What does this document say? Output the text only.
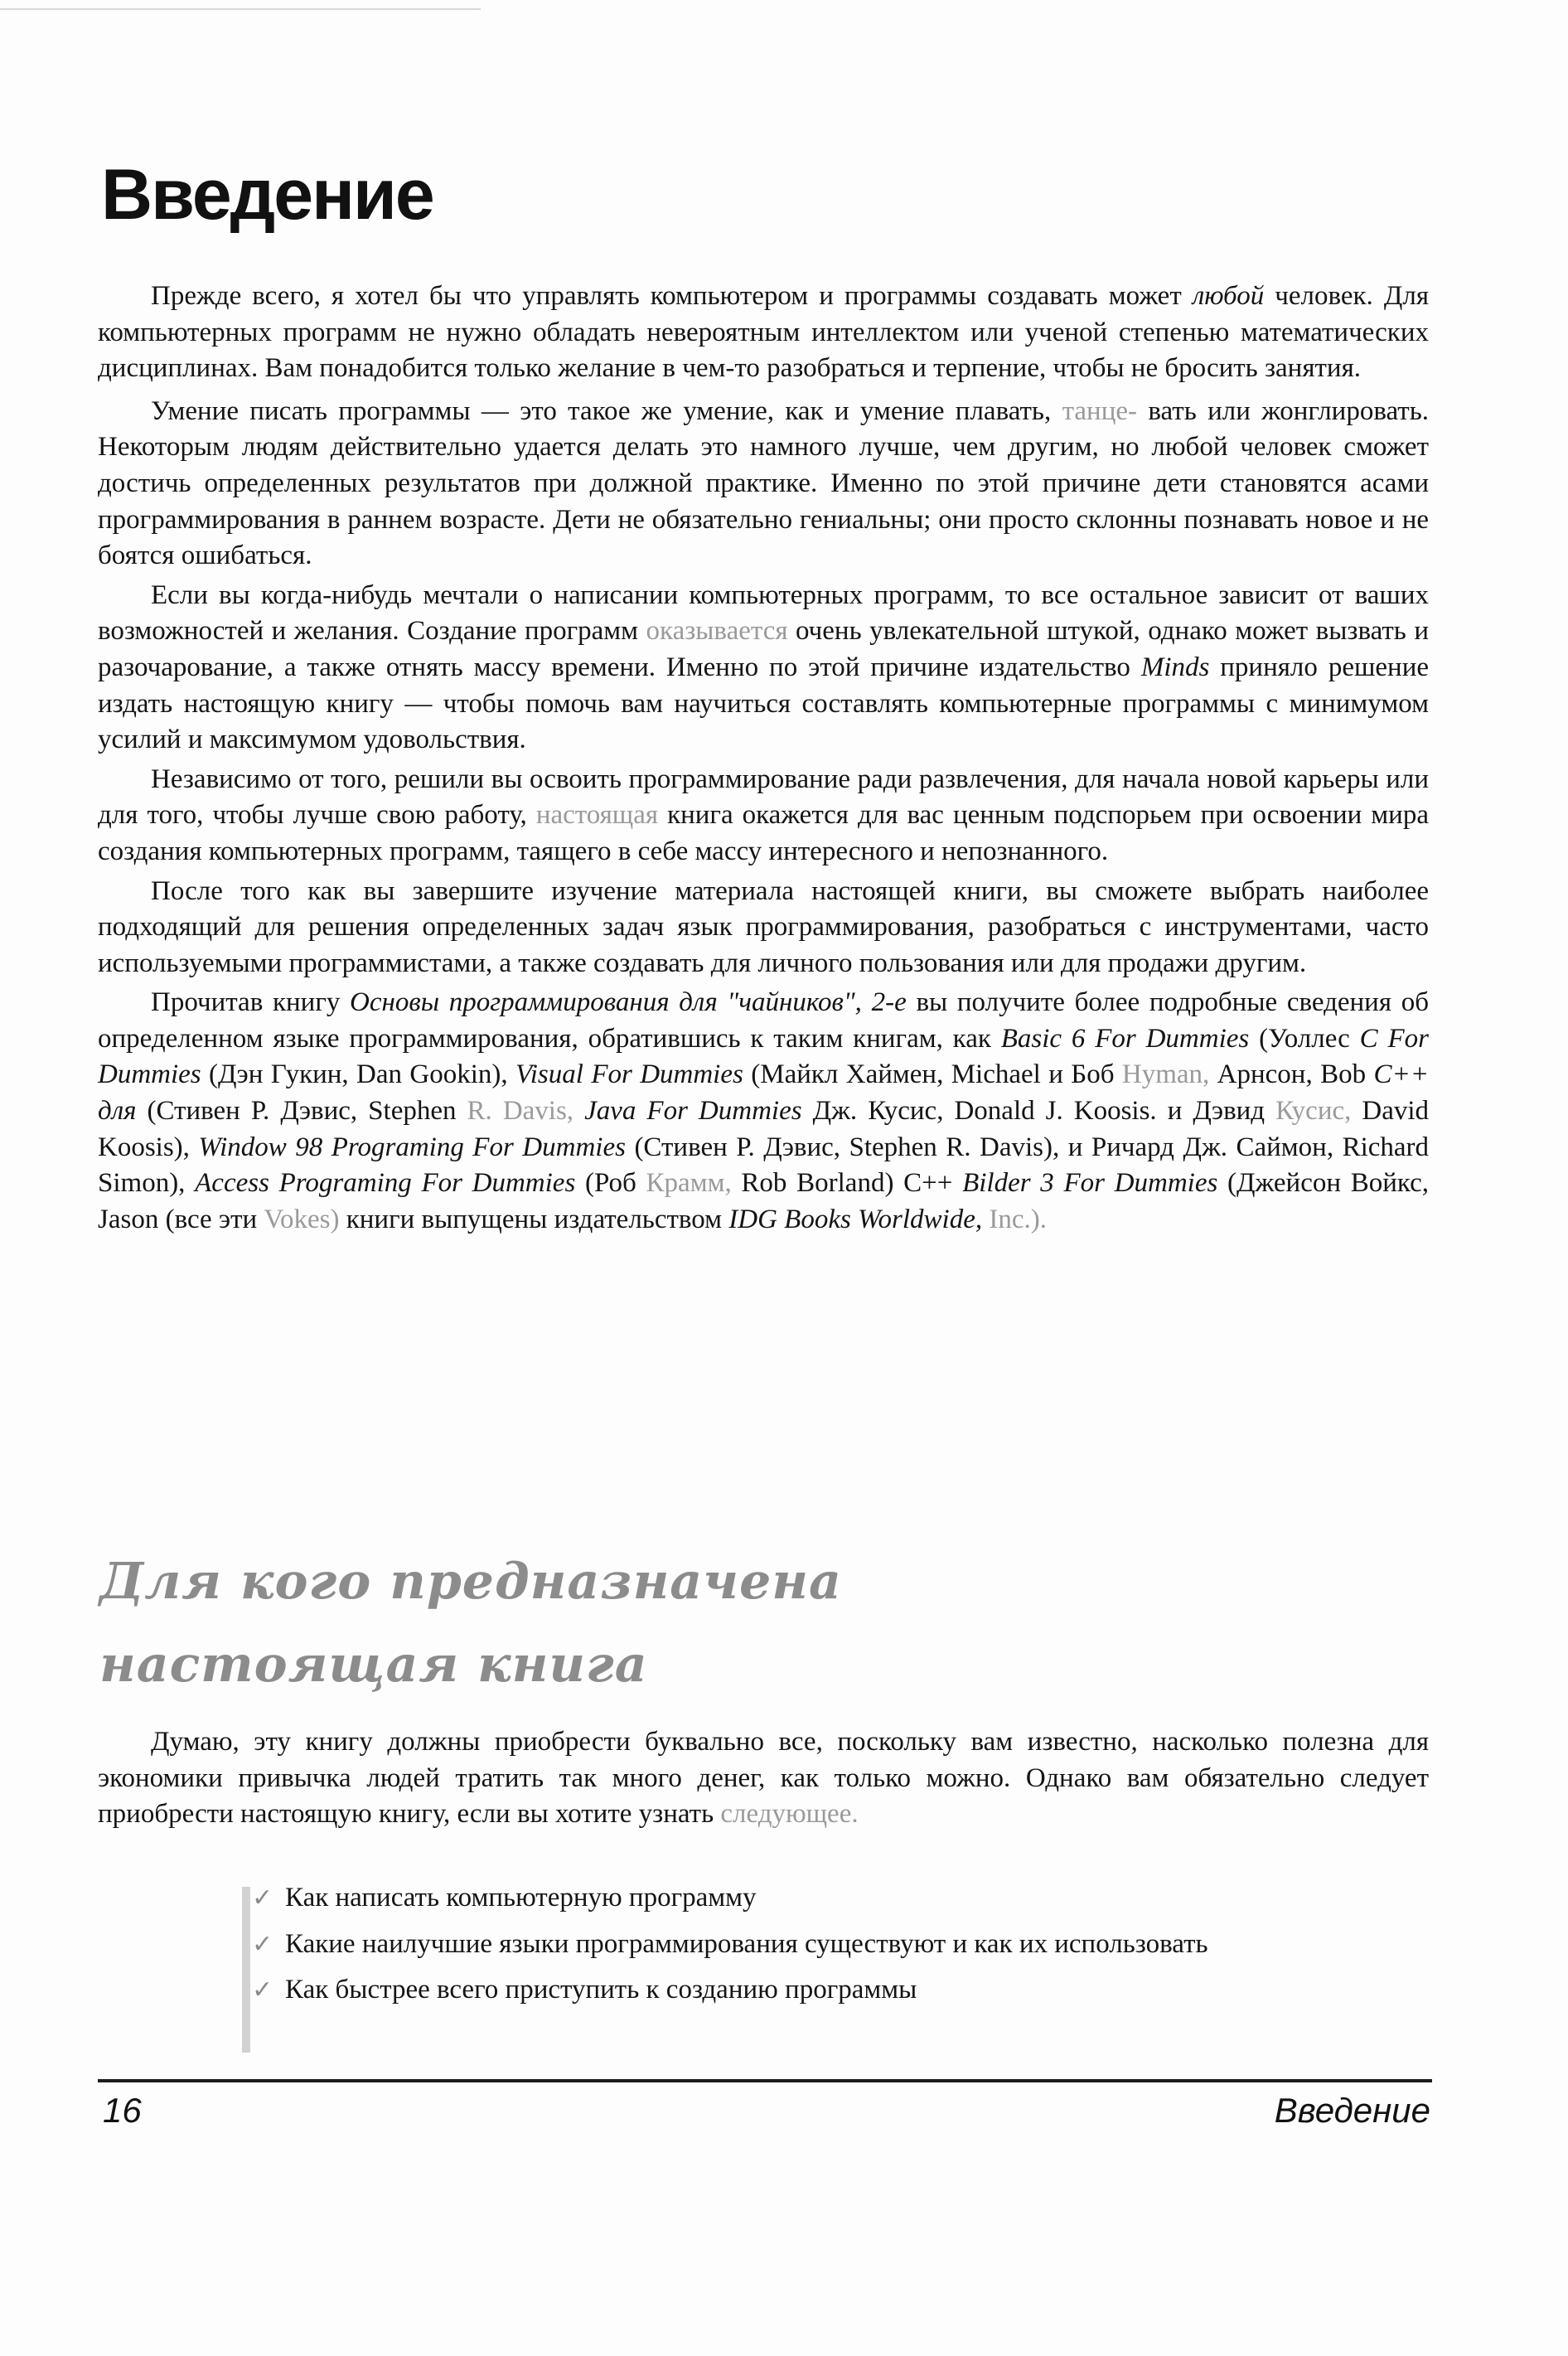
Введение

Прежде всего, я хотел бы что управлять компьютером и программы создавать может любой человек. Для компьютерных программ не нужно обладать невероятным интеллектом или ученой степенью математических дисциплинах. Вам понадобится только желание в чем-то разобраться и терпение, чтобы не бросить занятия.

Умение писать программы — это такое же умение, как и умение плавать, танце- вать или жонглировать. Некоторым людям действительно удается делать это намного лучше, чем другим, но любой человек сможет достичь определенных результатов при должной практике. Именно по этой причине дети становятся асами программирования в раннем возрасте. Дети не обязательно гениальны; они просто склонны познавать новое и не боятся ошибаться.

Если вы когда-нибудь мечтали о написании компьютерных программ, то все остальное зависит от ваших возможностей и желания. Создание программ оказывается очень увлекательной штукой, однако может вызвать и разочарование, а также отнять массу времени. Именно по этой причине издательство Minds приняло решение издать настоящую книгу — чтобы помочь вам научиться составлять компьютерные программы с минимумом усилий и максимумом удовольствия.

Независимо от того, решили вы освоить программирование ради развлечения, для начала новой карьеры или для того, чтобы лучше свою работу, настоящая книга окажется для вас ценным подспорьем при освоении мира создания компьютерных программ, таящего в себе массу интересного и непознанного.

После того как вы завершите изучение материала настоящей книги, вы сможете выбрать наиболее подходящий для решения определенных задач язык программирования, разобраться с инструментами, часто используемыми программистами, а также создавать для личного пользования или для продажи другим.

Прочитав книгу Основы программирования для "чайников", 2-е вы получите более подробные сведения об определенном языке программирования, обратившись к таким книгам, как Basic 6 For Dummies (Уоллес C For Dummies (Дэн Гукин, Dan Gookin), Visual For Dummies (Майкл Хаймен, Michael и Боб Hyman, Арнсон, Bob С++ для (Стивен Р. Дэвис, Stephen R. Davis, Java For Dummies Дж. Кусис, Donald J. Koosis. и Дэвид Кусис, David Koosis), Window 98 Programing For Dummies (Стивен Р. Дэвис, Stephen R. Davis), и Ричард Дж. Саймон, Richard Simon), Access Programing For Dummies (Роб Крамм, Rob Borland) C++ Bilder 3 For Dummies (Джейсон Войкс, Jason (все эти Vokes) книги выпущены издательством IDG Books Worldwide, Inc.).

Для кого предназначена
настоящая книга

Думаю, эту книгу должны приобрести буквально все, поскольку вам известно, насколько полезна для экономики привычка людей тратить так много денег, как только можно. Однако вам обязательно следует приобрести настоящую книгу, если вы хотите узнать следующее.

✓ Как написать компьютерную программу
✓ Какие наилучшие языки программирования существуют и как их использовать
✓ Как быстрее всего приступить к созданию программы
16	Введение
